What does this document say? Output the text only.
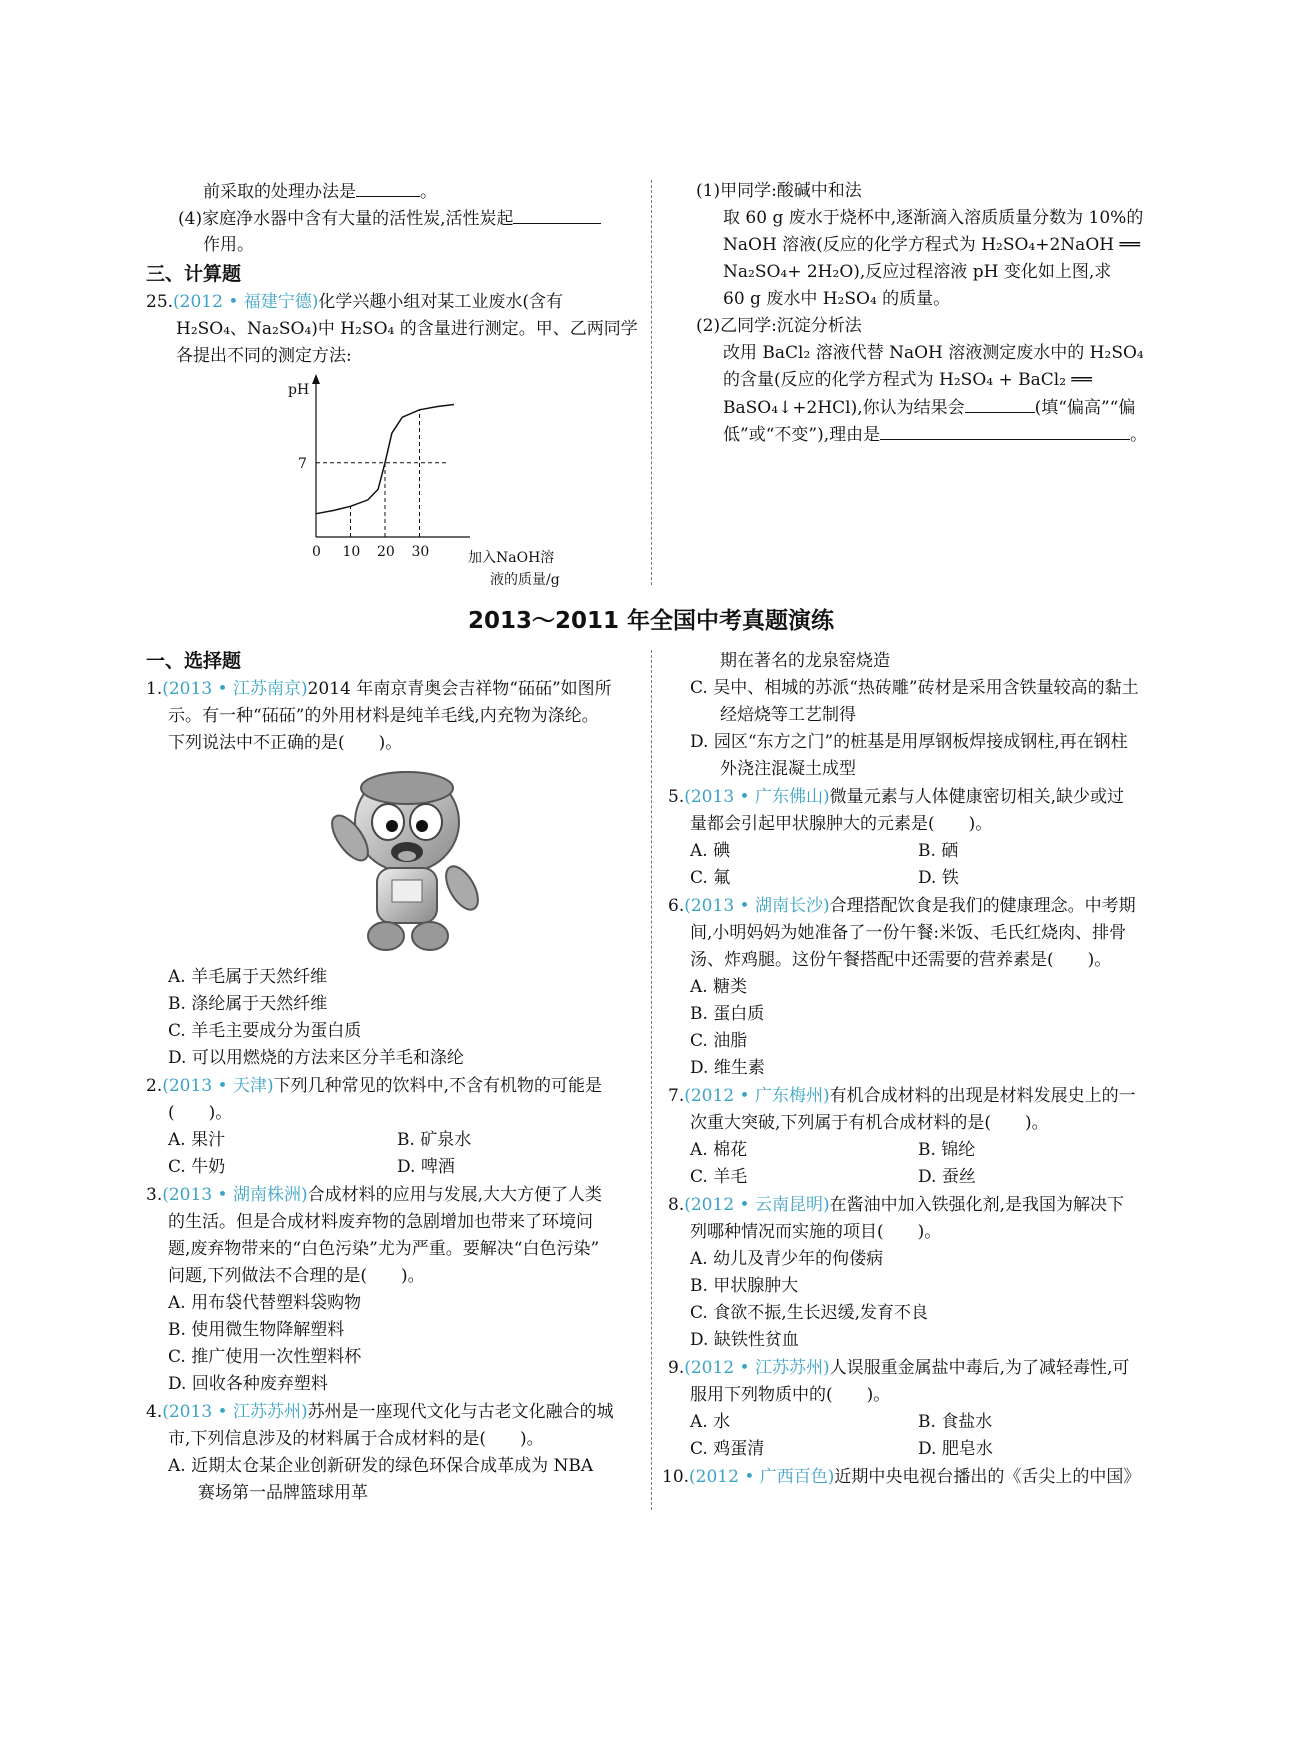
前采取的处理办法是	。
(4)家庭净水器中含有大量的活性炭,活性炭起
作用。
三、计算题
25.(2012 • 福建宁德)化学兴趣小组对某工业废水(含有
H₂SO₄、Na₂SO₄)中 H₂SO₄ 的含量进行测定。甲、乙两同学
各提出不同的测定方法:
pH
加入NaOH溶
液的质量/g
0 10 20 30
7
(1)甲同学:酸碱中和法
取 60 g 废水于烧杯中,逐渐滴入溶质质量分数为 10%的
NaOH 溶液(反应的化学方程式为 H₂SO₄+2NaOH ══
Na₂SO₄+ 2H₂O),反应过程溶液 pH 变化如上图,求
60 g 废水中 H₂SO₄ 的质量。
(2)乙同学:沉淀分析法
改用 BaCl₂ 溶液代替 NaOH 溶液测定废水中的 H₂SO₄
的含量(反应的化学方程式为 H₂SO₄ + BaCl₂ ══
BaSO₄↓+2HCl),你认为结果会	(填“偏高”“偏
低”或“不变”),理由是	。
2013～2011 年全国中考真题演练
一、选择题
1.(2013 • 江苏南京)2014 年南京青奥会吉祥物“砳砳”如图所
示。有一种“砳砳”的外用材料是纯羊毛线,内充物为涤纶。
下列说法中不正确的是(　　)。
A. 羊毛属于天然纤维
B. 涤纶属于天然纤维
C. 羊毛主要成分为蛋白质
D. 可以用燃烧的方法来区分羊毛和涤纶
2.(2013 • 天津)下列几种常见的饮料中,不含有机物的可能是
(　　)。
A. 果汁	B. 矿泉水
C. 牛奶	D. 啤酒
3.(2013 • 湖南株洲)合成材料的应用与发展,大大方便了人类
的生活。但是合成材料废弃物的急剧增加也带来了环境问
题,废弃物带来的“白色污染”尤为严重。要解决“白色污染”
问题,下列做法不合理的是(　　)。
A. 用布袋代替塑料袋购物
B. 使用微生物降解塑料
C. 推广使用一次性塑料杯
D. 回收各种废弃塑料
4.(2013 • 江苏苏州)苏州是一座现代文化与古老文化融合的城
市,下列信息涉及的材料属于合成材料的是(　　)。
A. 近期太仓某企业创新研发的绿色环保合成革成为 NBA
赛场第一品牌篮球用革
期在著名的龙泉窑烧造
C. 吴中、相城的苏派“热砖雕”砖材是采用含铁量较高的黏土
经焙烧等工艺制得
D. 园区“东方之门”的桩基是用厚钢板焊接成钢柱,再在钢柱
外浇注混凝土成型
5.(2013 • 广东佛山)微量元素与人体健康密切相关,缺少或过
量都会引起甲状腺肿大的元素是(　　)。
A. 碘	B. 硒
C. 氟	D. 铁
6.(2013 • 湖南长沙)合理搭配饮食是我们的健康理念。中考期
间,小明妈妈为她准备了一份午餐:米饭、毛氏红烧肉、排骨
汤、炸鸡腿。这份午餐搭配中还需要的营养素是(　　)。
A. 糖类
B. 蛋白质
C. 油脂
D. 维生素
7.(2012 • 广东梅州)有机合成材料的出现是材料发展史上的一
次重大突破,下列属于有机合成材料的是(　　)。
A. 棉花	B. 锦纶
C. 羊毛	D. 蚕丝
8.(2012 • 云南昆明)在酱油中加入铁强化剂,是我国为解决下
列哪种情况而实施的项目(　　)。
A. 幼儿及青少年的佝偻病
B. 甲状腺肿大
C. 食欲不振,生长迟缓,发育不良
D. 缺铁性贫血
9.(2012 • 江苏苏州)人误服重金属盐中毒后,为了减轻毒性,可
服用下列物质中的(　　)。
A. 水	B. 食盐水
C. 鸡蛋清	D. 肥皂水
10.(2012 • 广西百色)近期中央电视台播出的《舌尖上的中国》
